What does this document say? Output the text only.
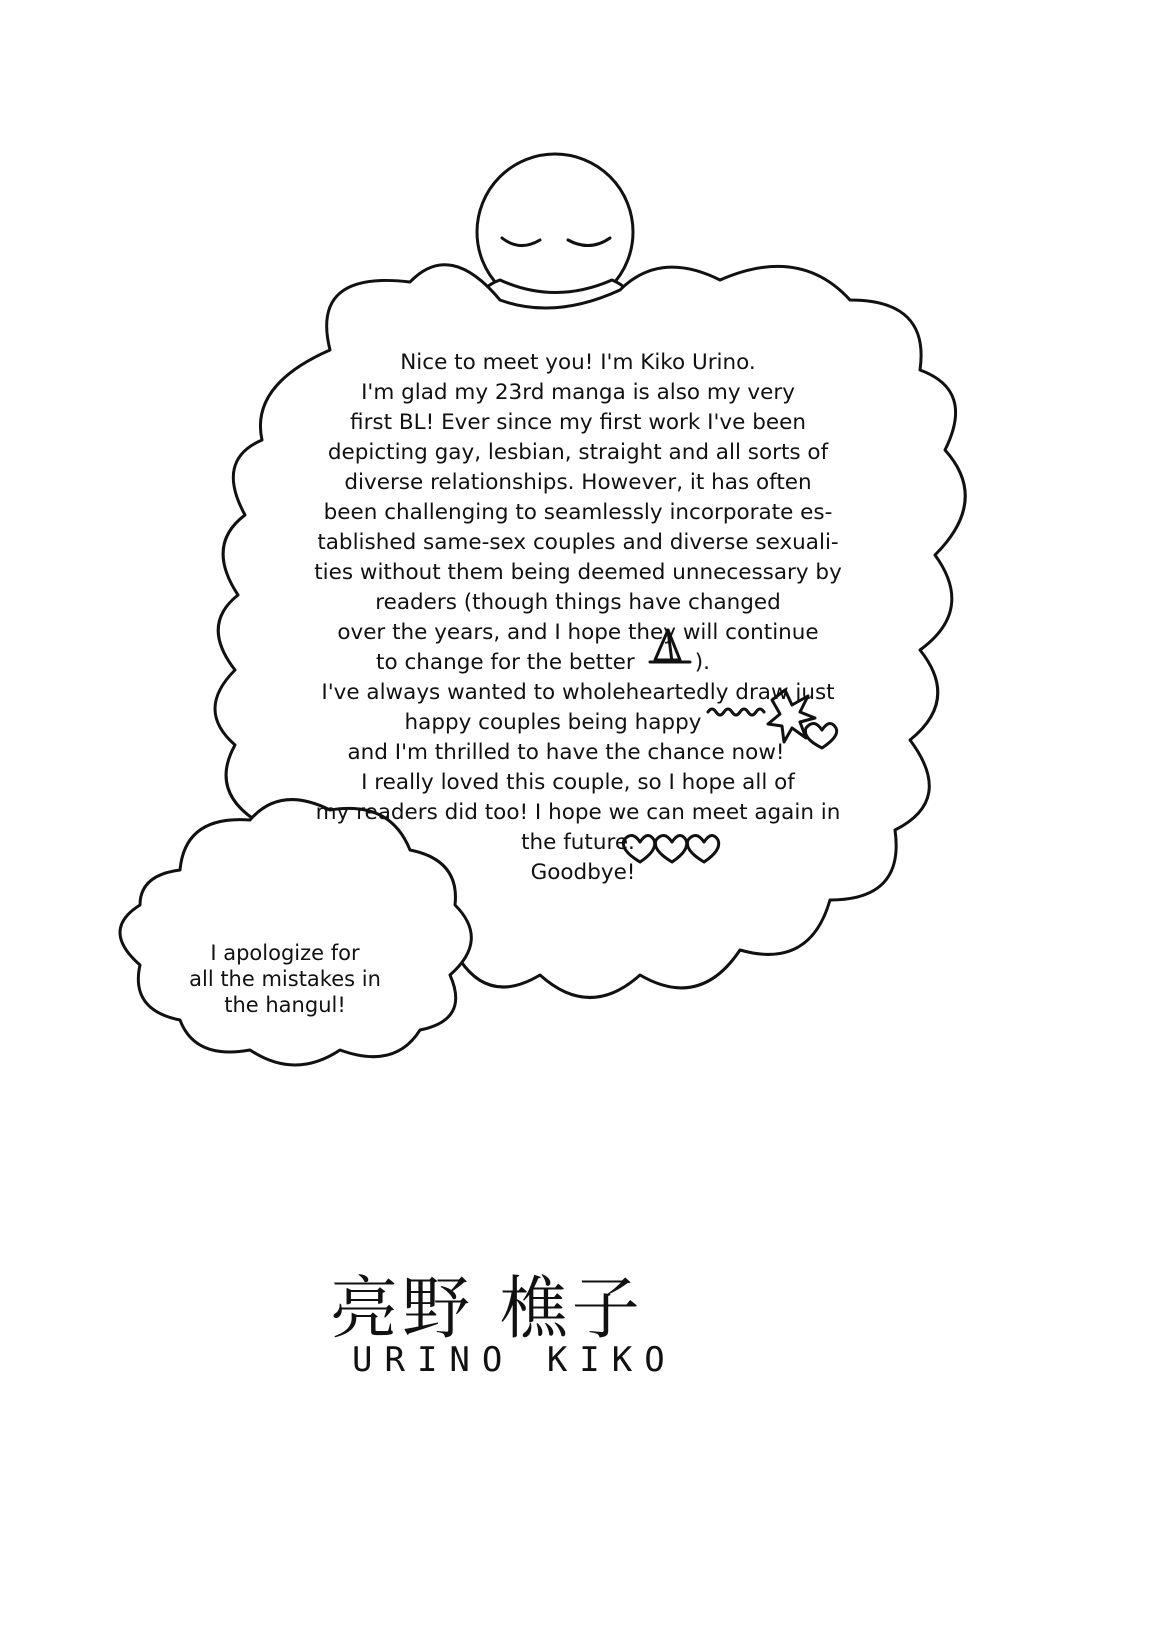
Nice to meet you! I'm Kiko Urino.
I'm glad my 23rd manga is also my very
first BL! Ever since my first work I've been
depicting gay, lesbian, straight and all sorts of
diverse relationships. However, it has often
been challenging to seamlessly incorporate es-
tablished same-sex couples and diverse sexuali-
ties without them being deemed unnecessary by
readers (though things have changed
over the years, and I hope they will continue
to change for the better	).
I've always wanted to wholeheartedly draw just
happy couples being happy
and I'm thrilled to have the chance now!
I really loved this couple, so I hope all of
my readers did too! I hope we can meet again in
the future.
Goodbye!
I apologize for
all the mistakes in
the hangul!
亮野 樵子
URINO KIKO
